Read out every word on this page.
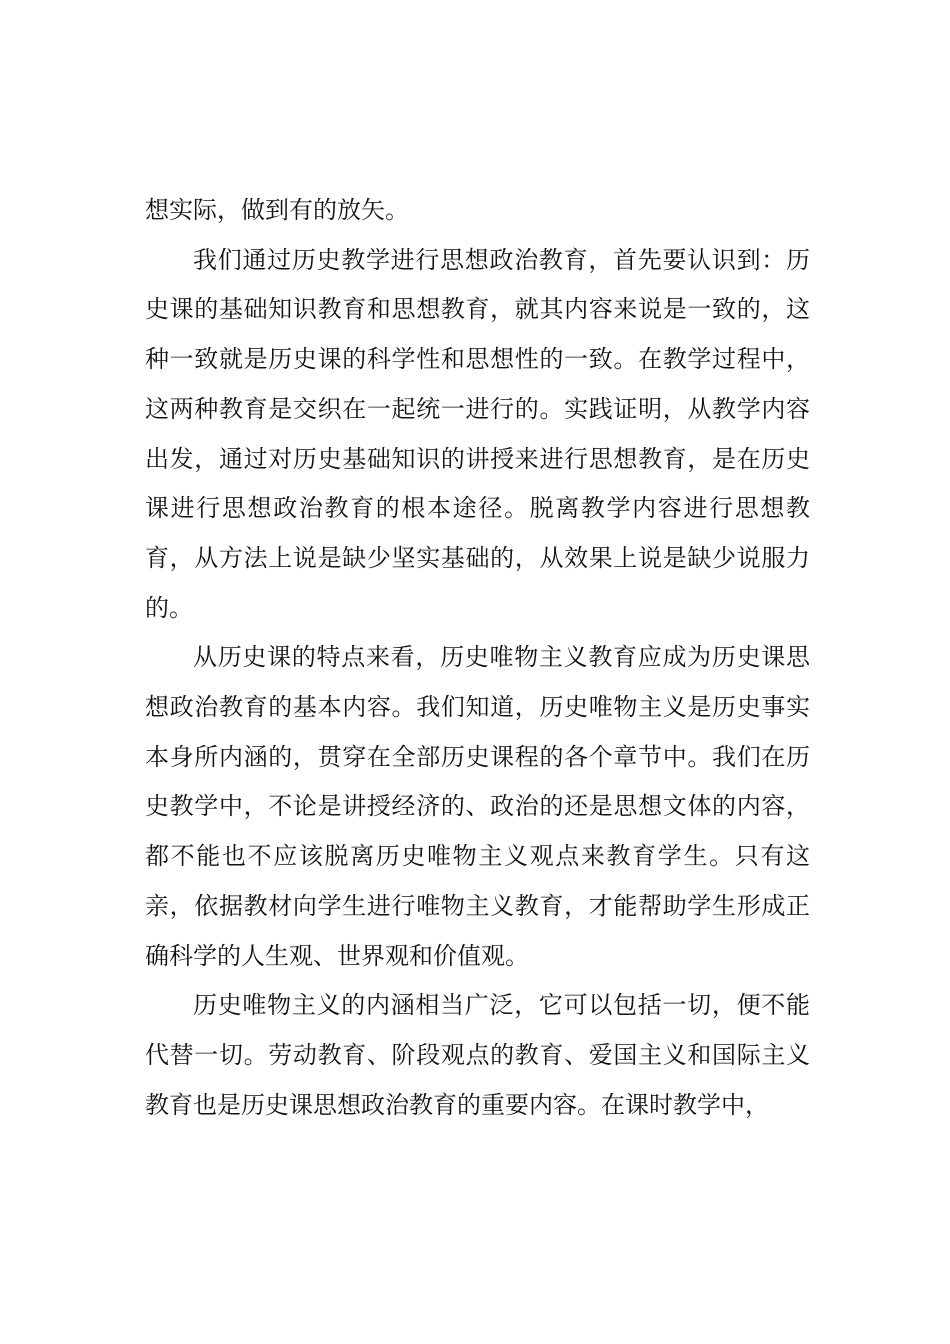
想实际，做到有的放矢。

我们通过历史教学进行思想政治教育，首先要认识到：历史课的基础知识教育和思想教育，就其内容来说是一致的，这种一致就是历史课的科学性和思想性的一致。在教学过程中，这两种教育是交织在一起统一进行的。实践证明，从教学内容出发，通过对历史基础知识的讲授来进行思想教育，是在历史课进行思想政治教育的根本途径。脱离教学内容进行思想教育，从方法上说是缺少坚实基础的，从效果上说是缺少说服力的。

从历史课的特点来看，历史唯物主义教育应成为历史课思想政治教育的基本内容。我们知道，历史唯物主义是历史事实本身所内涵的，贯穿在全部历史课程的各个章节中。我们在历史教学中，不论是讲授经济的、政治的还是思想文体的内容，都不能也不应该脱离历史唯物主义观点来教育学生。只有这亲，依据教材向学生进行唯物主义教育，才能帮助学生形成正确科学的人生观、世界观和价值观。

历史唯物主义的内涵相当广泛，它可以包括一切，便不能代替一切。劳动教育、阶段观点的教育、爱国主义和国际主义教育也是历史课思想政治教育的重要内容。在课时教学中，
